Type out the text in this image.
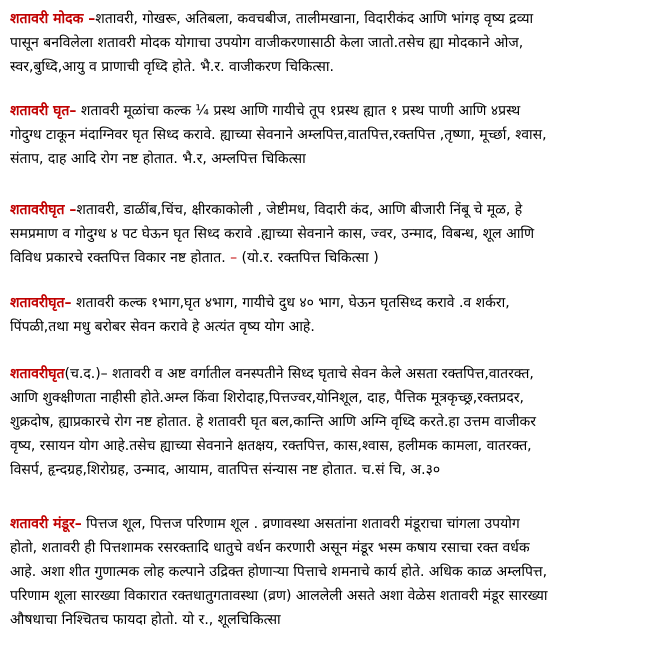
शतावरी मोदक –शतावरी, गोखरू, अतिबला, कवचबीज, तालीमखाना, विदारीकंद आणि भांगइ वृष्य द्रव्या
पासून बनविलेला शतावरी मोदक योगाचा उपयोग वाजीकरणासाठी केला जातो.तसेच ह्या मोदकाने ओज,
स्वर,बुध्दि,आयु व प्राणाची वृध्दि होते. भै.र. वाजीकरण चिकित्सा.
शतावरी घृत– शतावरी मूळांचा कल्क ¼ प्रस्थ आणि गायीचे तूप १प्रस्थ ह्यात १ प्रस्थ पाणी आणि ४प्रस्थ
गोदुग्ध टाकून मंदाग्निवर घृत सिध्द करावे. ह्याच्या सेवनाने अम्लपित्त,वातपित्त,रक्तपित्त ,तृष्णा, मूर्च्छा, श्वास,
संताप, दाह आदि रोग नष्ट होतात. भै.र, अम्लपित्त चिकित्सा
शतावरीघृत –शतावरी, डाळींब,चिंच, क्षीरकाकोली , जेष्टीमध, विदारी कंद, आणि बीजारी निंबू चे मूळ, हे
समप्रमाण व गोदुग्ध ४ पट घेऊन घृत सिध्द करावे .ह्याच्या सेवनाने कास, ज्वर, उन्माद, विबन्ध, शूल आणि
विविध प्रकारचे रक्तपित्त विकार नष्ट होतात. – (यो.र. रक्तपित्त चिकित्सा )
शतावरीघृत– शतावरी कल्क १भाग,घृत ४भाग, गायीचे दुध ४० भाग, घेऊन घृतसिध्द करावे .व शर्करा,
पिंपळी,तथा मधु बरोबर सेवन करावे हे अत्यंत वृष्य योग आहे.
शतावरीघृत(च.द.)– शतावरी व अष्ट वर्गातील वनस्पतीने सिध्द घृताचे सेवन केले असता रक्तपित्त,वातरक्त,
आणि शुक्क्षीणता नाहीसी होते.अम्ल किंवा शिरोदाह,पित्तज्वर,योनिशूल, दाह, पैत्तिक मूत्रकृच्छ्र,रक्तप्रदर,
शुक्रदोष, ह्याप्रकारचे रोग नष्ट होतात. हे शतावरी घृत बल,कान्ति आणि अग्नि वृध्दि करते.हा उत्तम वाजीकर
वृष्य, रसायन योग आहे.तसेच ह्याच्या सेवनाने क्षतक्षय, रक्तपित्त, कास,श्वास, हलीमक कामला, वातरक्त,
विसर्प, हृन्दग्रह,शिरोग्रह, उन्माद, आयाम, वातपित्त संन्यास नष्ट होतात. च.सं चि, अ.३०
शतावरी मंडूर– पित्तज शूल, पित्तज परिणाम शूल . व्रणावस्था असतांना शतावरी मंडूराचा चांगला उपयोग
होतो, शतावरी ही पित्तशामक रसरक्तादि धातुचे वर्धन करणारी असून मंडूर भस्म कषाय रसाचा रक्त वर्धक
आहे. अशा शीत गुणात्मक लोह कल्पाने उद्रिक्त होणाऱ्या पित्ताचे शमनाचे कार्य होते. अधिक काळ अम्लपित्त,
परिणाम शूला सारख्या विकारात रक्तधातुगतावस्था (व्रण) आललेली असते अशा वेळेस शतावरी मंडूर सारख्या
औषधाचा निश्चितच फायदा होतो. यो र., शूलचिकित्सा
